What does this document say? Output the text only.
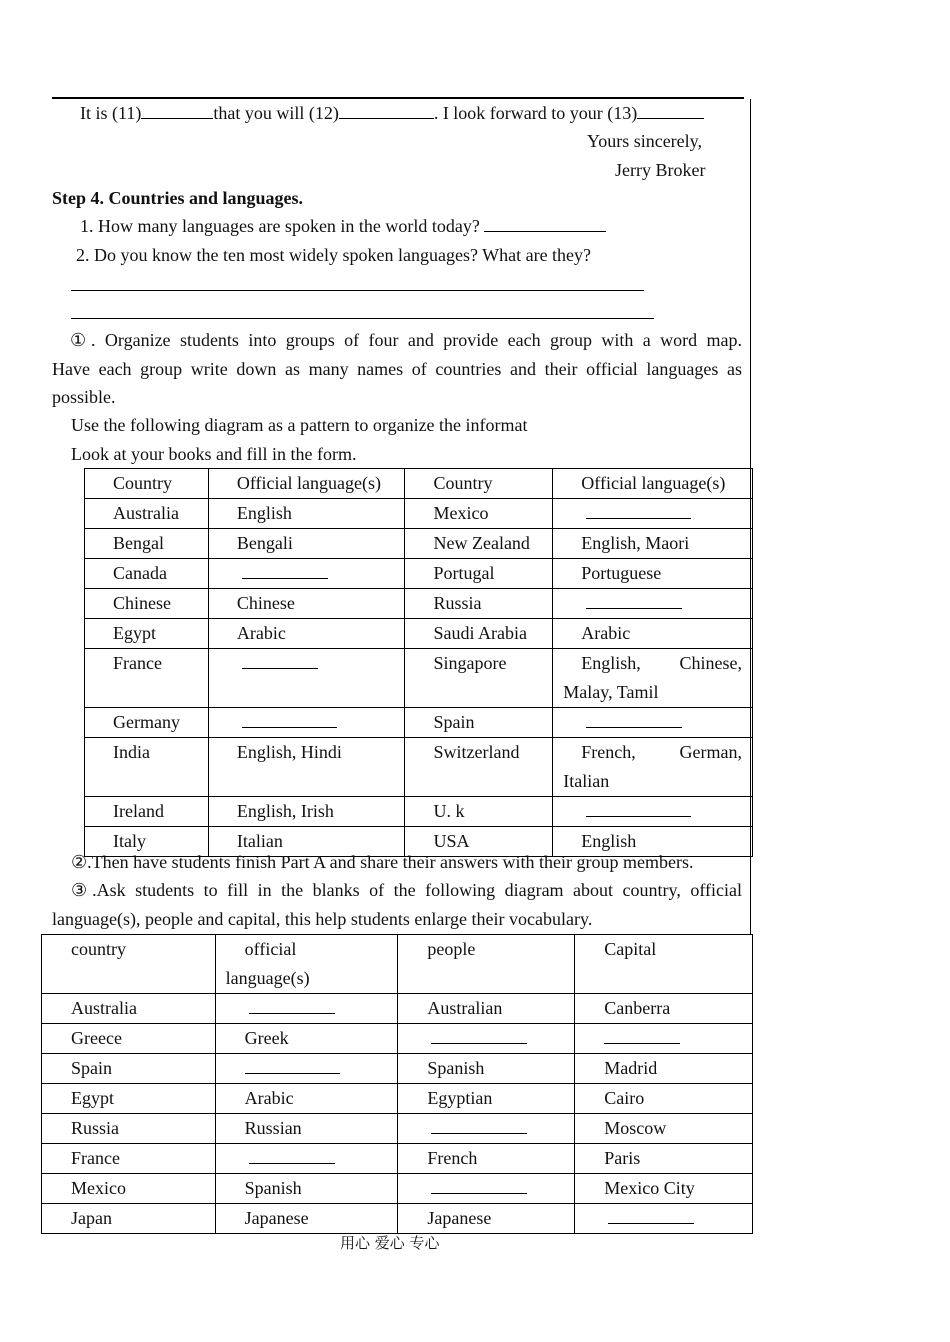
It is (11)	that you will (12)	. I look forward to your (13)
Yours sincerely,
Jerry Broker
Step 4. Countries and languages.
1. How many languages are spoken in the world today?
2. Do you know the ten most widely spoken languages? What are they?
①. Organize students into groups of four and provide each group with a word map.
Have each group write down as many names of countries and their official languages as
possible.
Use the following diagram as a pattern to organize the informat
Look at your books and fill in the form.
Country	Official language(s)	Country	Official language(s)
Australia	English	Mexico	
Bengal	Bengali	New Zealand	English, Maori
Canada		Portugal	Portuguese
Chinese	Chinese	Russia	
Egypt	Arabic	Saudi Arabia	Arabic
France		Singapore	English, Chinese,
Malay, Tamil

Germany		Spain	
India	English, Hindi	Switzerland	French, German,
Italian

Ireland	English, Irish	U. k	
Italy	Italian	USA	English
②.Then have students finish Part A and share their answers with their group members.
③.Ask students to fill in the blanks of the following diagram about country, official
language(s), people and capital, this help students enlarge their vocabulary.
country	official
language(s)	people	Capital
Australia		Australian	Canberra
Greece	Greek		
Spain		Spanish	Madrid
Egypt	Arabic	Egyptian	Cairo
Russia	Russian		Moscow
France		French	Paris
Mexico	Spanish		Mexico City
Japan	Japanese	Japanese	
用心 爱心 专心
